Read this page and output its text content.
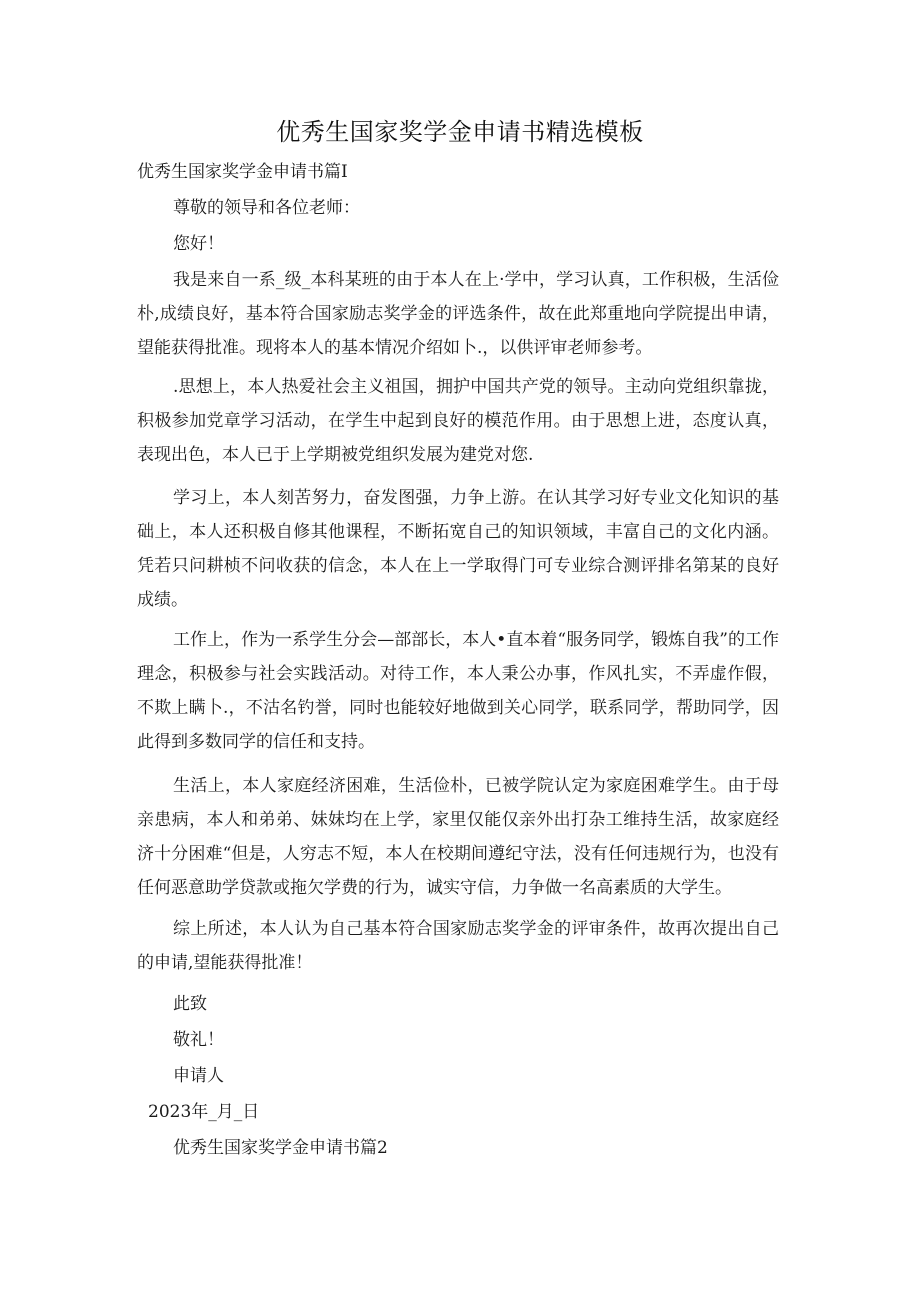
优秀生国家奖学金申请书精选模板
优秀生国家奖学金申请书篇I
尊敬的领导和各位老师：
您好！
我是来自一系_级_本科某班的由于本人在上·学中，学习认真，工作积极，生活俭朴,成绩良好，基本符合国家励志奖学金的评选条件，故在此郑重地向学院提出申请，望能获得批准。现将本人的基本情况介绍如卜.，以供评审老师参考。
.思想上，本人热爱社会主义祖国，拥护中国共产党的领导。主动向党组织靠拢，积极参加党章学习活动，在学生中起到良好的模范作用。由于思想上进，态度认真，表现出色，本人已于上学期被党组织发展为建党对您.
学习上，本人刻苦努力，奋发图强，力争上游。在认其学习好专业文化知识的基础上，本人还积极自修其他课程，不断拓宽自己的知识领域，丰富自己的文化内涵。凭若只问耕桢不问收获的信念，本人在上一学取得门可专业综合测评排名第某的良好成绩。
工作上，作为一系学生分会—部部长，本人•直本着“服务同学，锻炼自我”的工作理念，积极参与社会实践活动。对待工作，本人秉公办事，作风扎实，不弄虚作假，不欺上瞒卜.，不沽名钓誉，同时也能较好地做到关心同学，联系同学，帮助同学，因此得到多数同学的信任和支持。
生活上，本人家庭经济困难，生活俭朴，已被学院认定为家庭困难学生。由于母亲患病，本人和弟弟、妹妹均在上学，家里仅能仅亲外出打杂工维持生活，故家庭经济十分困难“但是，人穷志不短，本人在校期间遵纪守法，没有任何违规行为，也没有任何恶意助学贷款或拖欠学费的行为，诚实守信，力争做一名高素质的大学生。
综上所述，本人认为自己基本符合国家励志奖学金的评审条件，故再次提出自己的申请,望能获得批准！
此致
敬礼！
申请人
2023年_月_日
优秀生国家奖学金申请书篇2
